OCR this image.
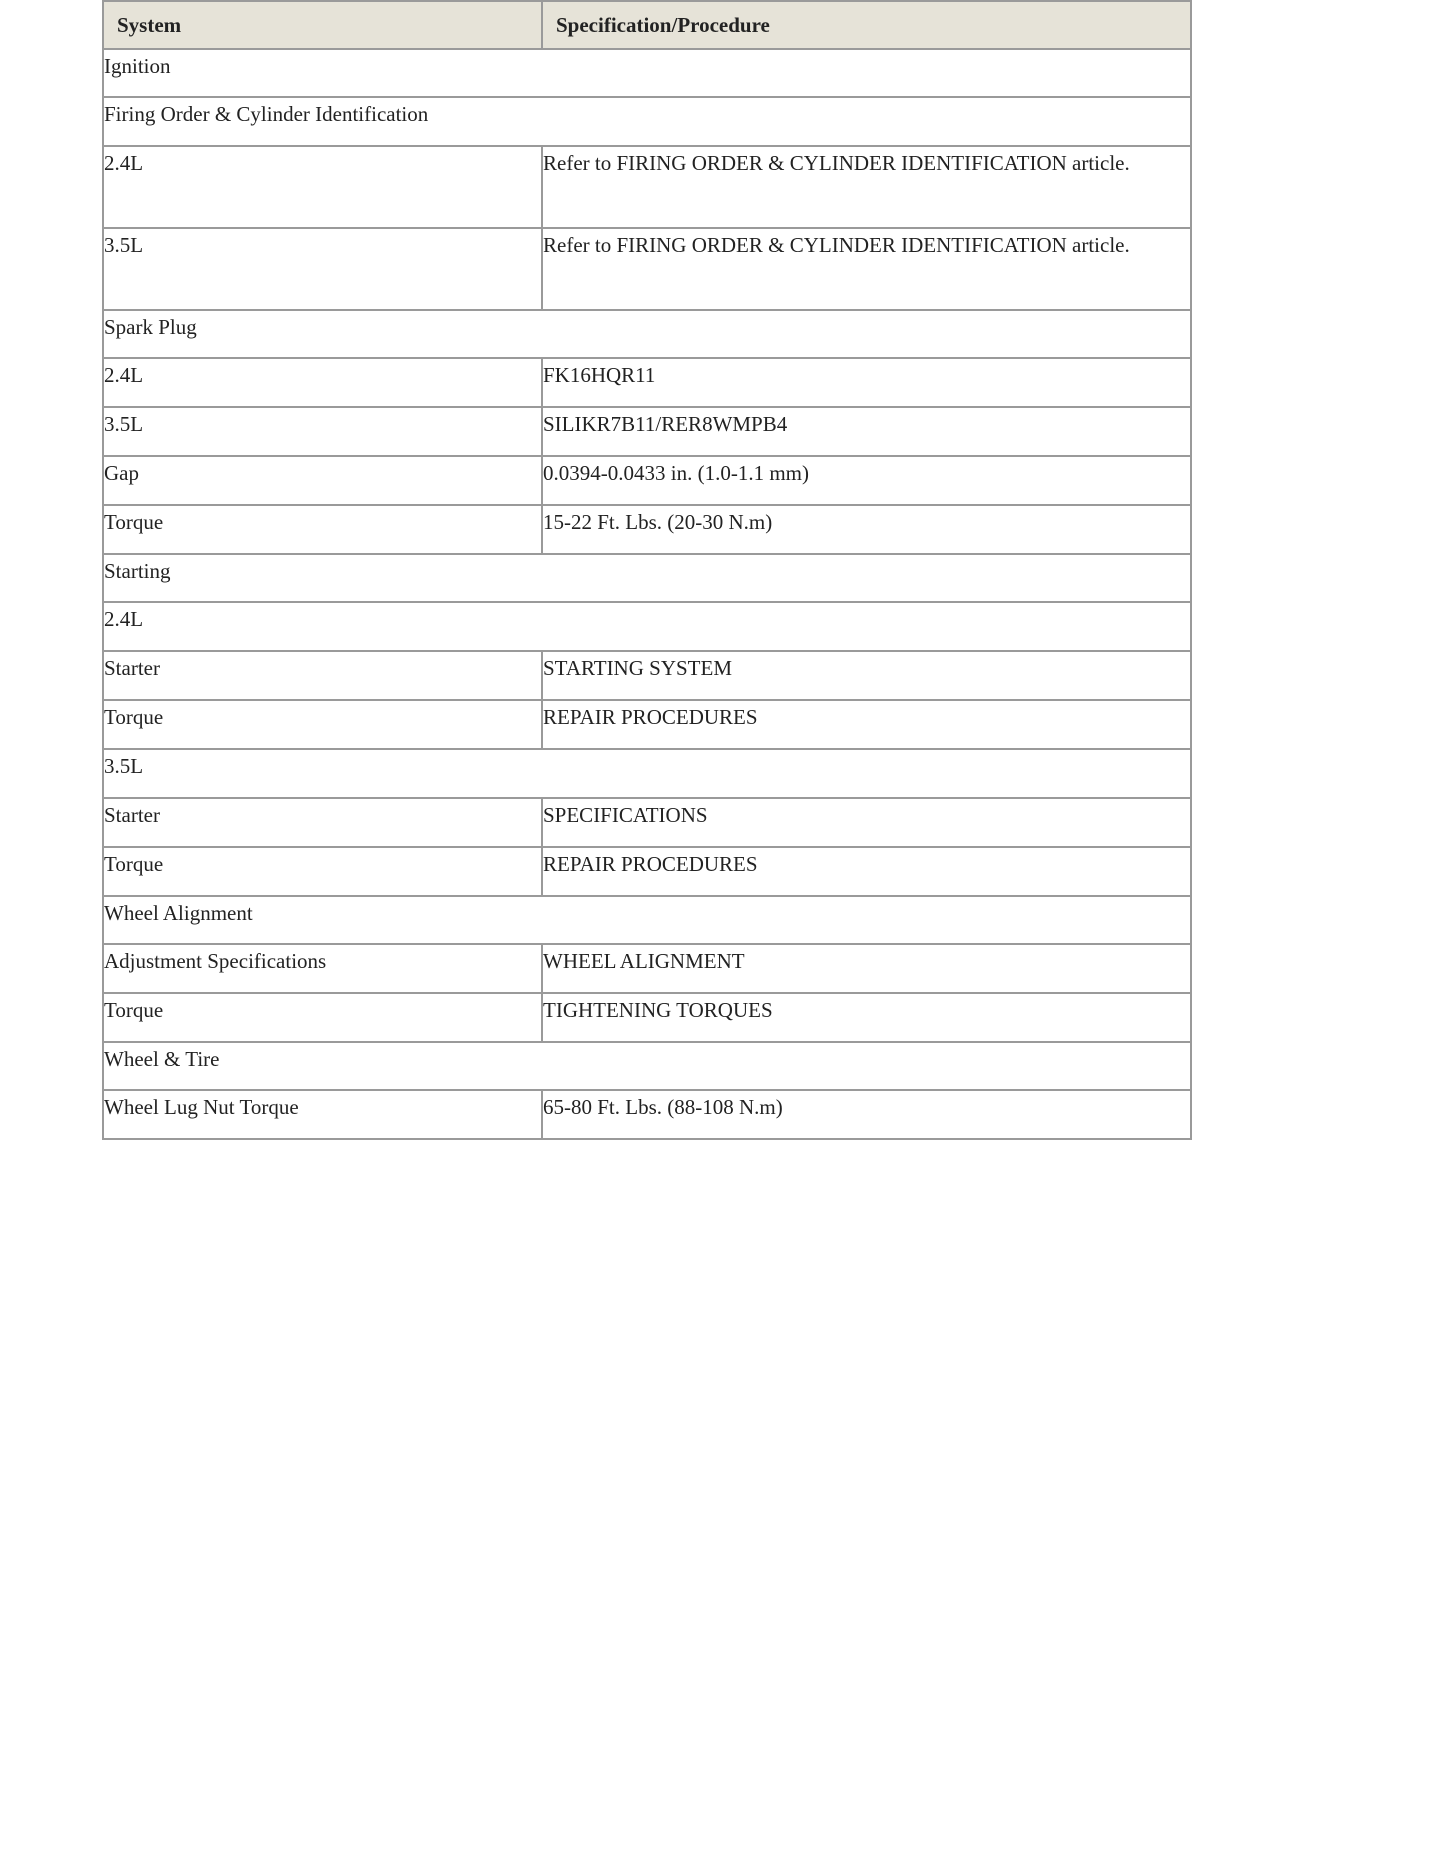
System	Specification/Procedure
Ignition	
Firing Order & Cylinder Identification	
2.4L	Refer to FIRING ORDER & CYLINDER IDENTIFICATION article.
3.5L	Refer to FIRING ORDER & CYLINDER IDENTIFICATION article.
Spark Plug	
2.4L	FK16HQR11
3.5L	SILIKR7B11/RER8WMPB4
Gap	0.0394-0.0433 in. (1.0-1.1 mm)
Torque	15-22 Ft. Lbs. (20-30 N.m)
Starting	
2.4L	
Starter	STARTING SYSTEM
Torque	REPAIR PROCEDURES
3.5L	
Starter	SPECIFICATIONS
Torque	REPAIR PROCEDURES
Wheel Alignment	
Adjustment Specifications	WHEEL ALIGNMENT
Torque	TIGHTENING TORQUES
Wheel & Tire	
Wheel Lug Nut Torque	65-80 Ft. Lbs. (88-108 N.m)
